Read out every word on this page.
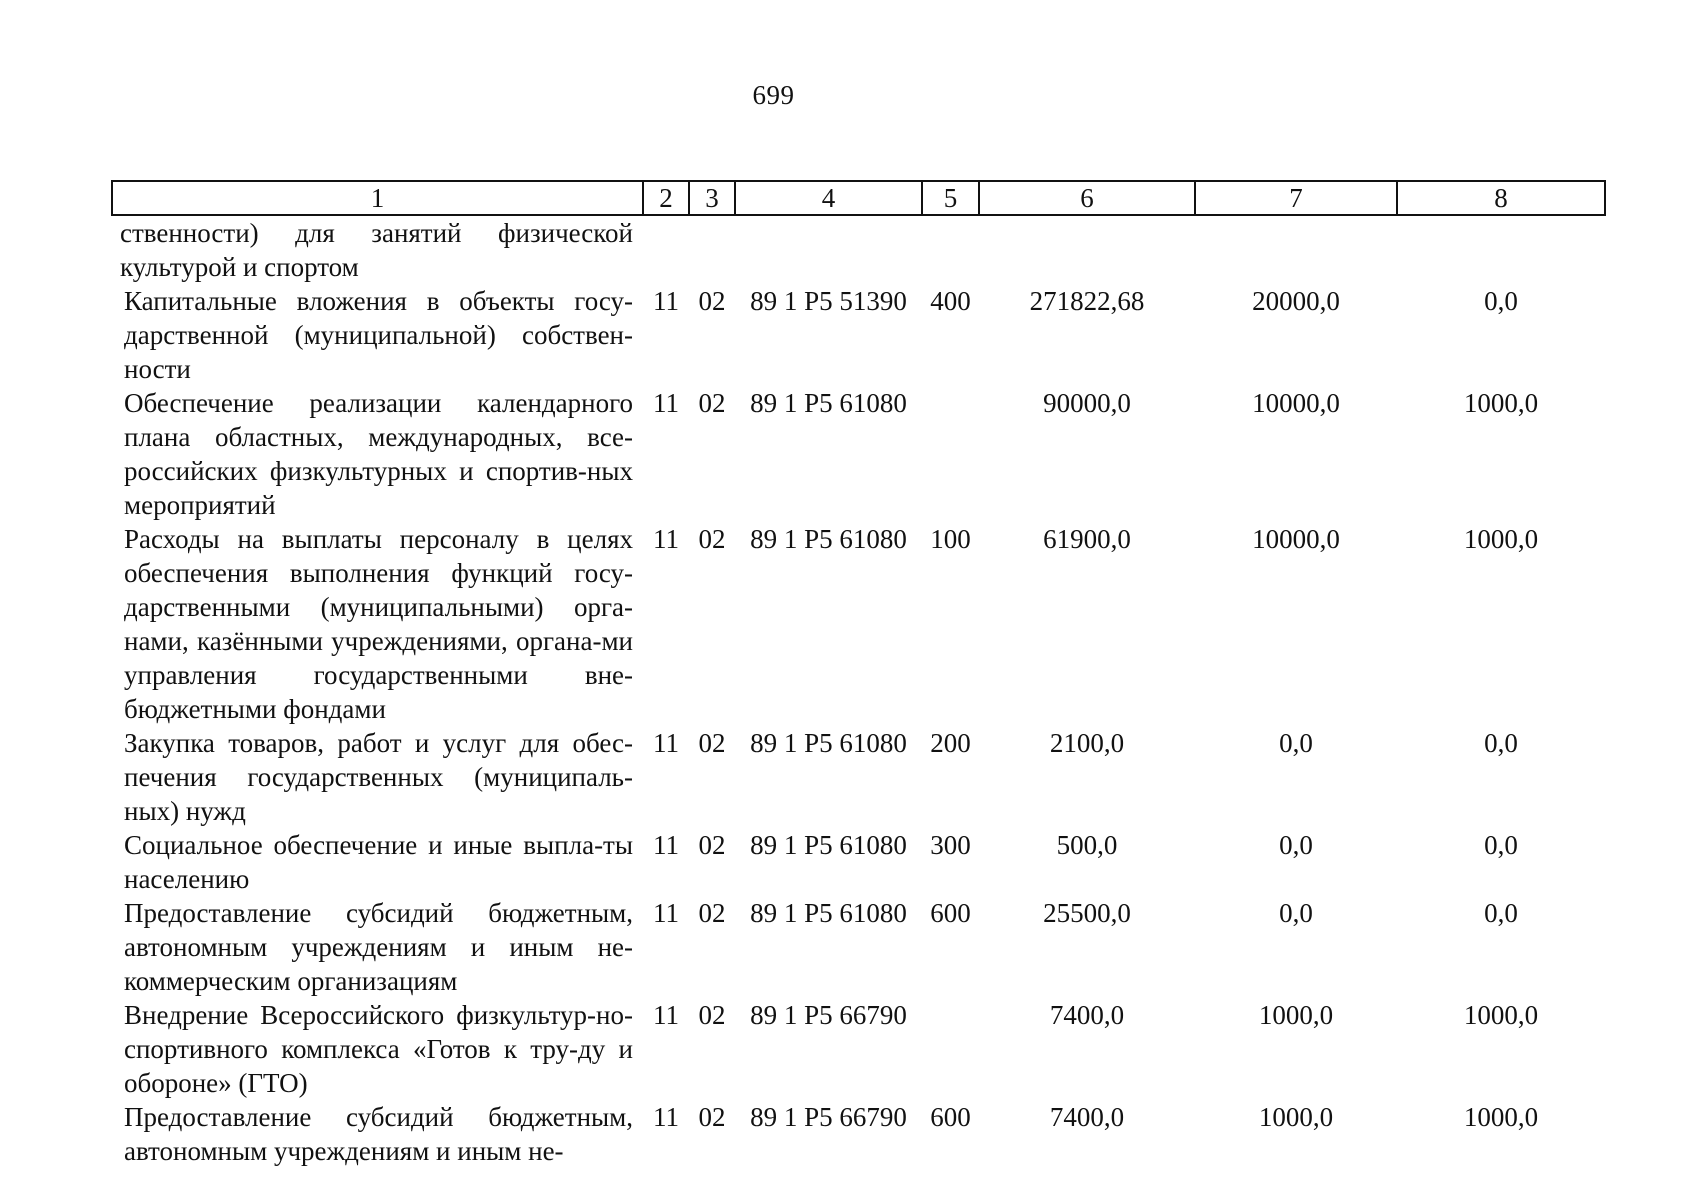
699
1	2	3	4	5	6	7	8
ственности) для занятий физической культурой и спортом							
Капитальные вложения в объекты госу-дарственной (муниципальной) собствен-ности	11	02	89 1 P5 51390	400	271822,68	20000,0	0,0
Обеспечение реализации календарного плана областных, международных, все-российских физкультурных и спортив-ных мероприятий	11	02	89 1 P5 61080		90000,0	10000,0	1000,0
Расходы на выплаты персоналу в целях обеспечения выполнения функций госу-дарственными (муниципальными) орга-нами, казёнными учреждениями, органа-ми управления государственными вне-бюджетными фондами	11	02	89 1 P5 61080	100	61900,0	10000,0	1000,0
Закупка товаров, работ и услуг для обес-печения государственных (муниципаль-ных) нужд	11	02	89 1 P5 61080	200	2100,0	0,0	0,0
Социальное обеспечение и иные выпла-ты населению	11	02	89 1 P5 61080	300	500,0	0,0	0,0
Предоставление субсидий бюджетным, автономным учреждениям и иным не-коммерческим организациям	11	02	89 1 P5 61080	600	25500,0	0,0	0,0
Внедрение Всероссийского физкультур-но-спортивного комплекса «Готов к тру-ду и обороне» (ГТО)	11	02	89 1 P5 66790		7400,0	1000,0	1000,0
Предоставление субсидий бюджетным, автономным учреждениям и иным не-	11	02	89 1 P5 66790	600	7400,0	1000,0	1000,0
